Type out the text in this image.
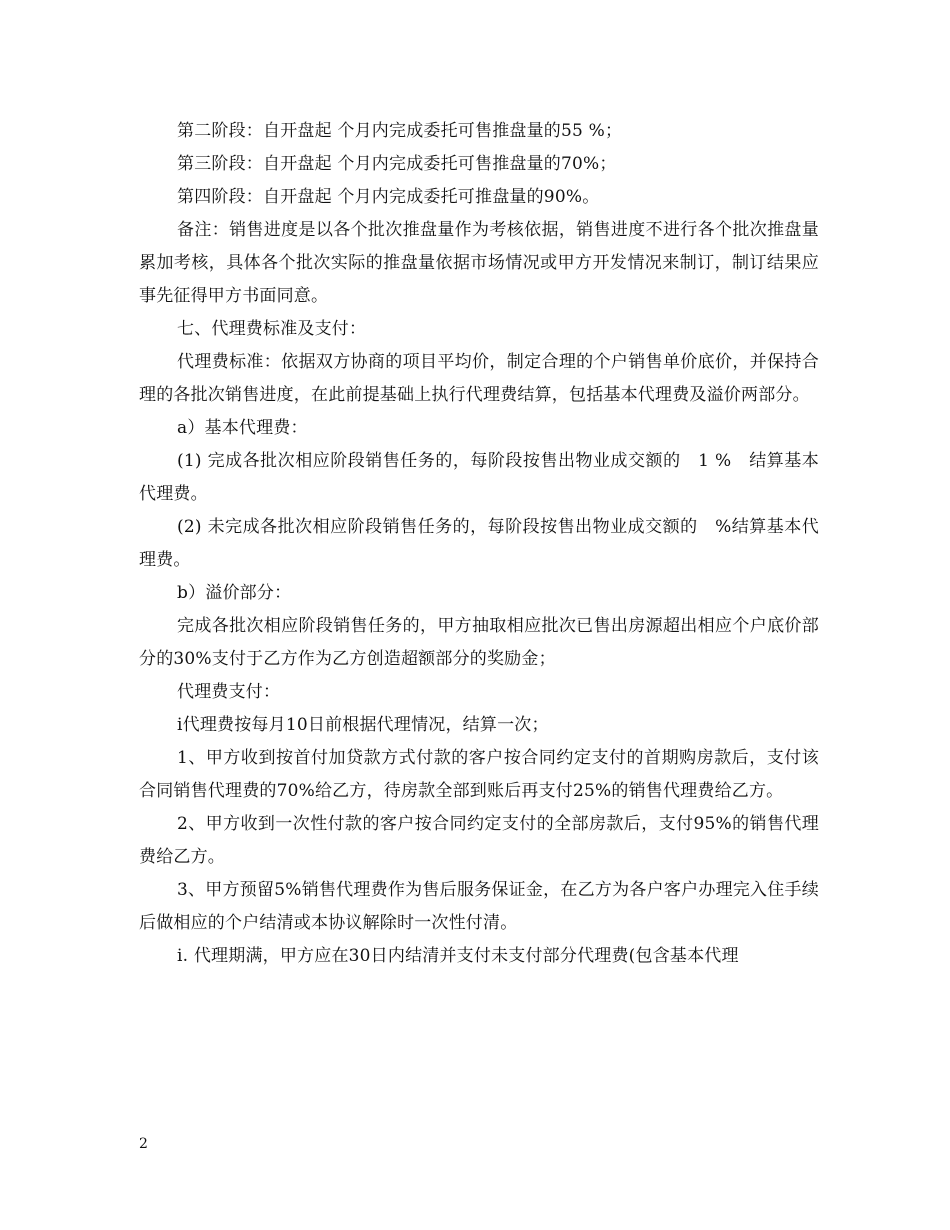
第二阶段：自开盘起 个月内完成委托可售推盘量的55 %；

第三阶段：自开盘起 个月内完成委托可售推盘量的70%；

第四阶段：自开盘起 个月内完成委托可推盘量的90%。

备注：销售进度是以各个批次推盘量作为考核依据，销售进度不进行各个批次推盘量累加考核，具体各个批次实际的推盘量依据市场情况或甲方开发情况来制订，制订结果应事先征得甲方书面同意。

七、代理费标准及支付：

代理费标准：依据双方协商的项目平均价，制定合理的个户销售单价底价，并保持合理的各批次销售进度，在此前提基础上执行代理费结算，包括基本代理费及溢价两部分。

a）基本代理费：

(1) 完成各批次相应阶段销售任务的，每阶段按售出物业成交额的　1 %　结算基本代理费。

(2) 未完成各批次相应阶段销售任务的，每阶段按售出物业成交额的　%结算基本代理费。

b）溢价部分：

完成各批次相应阶段销售任务的，甲方抽取相应批次已售出房源超出相应个户底价部分的30%支付于乙方作为乙方创造超额部分的奖励金；

代理费支付：

i代理费按每月10日前根据代理情况，结算一次；

1、甲方收到按首付加贷款方式付款的客户按合同约定支付的首期购房款后，支付该合同销售代理费的70%给乙方，待房款全部到账后再支付25%的销售代理费给乙方。

2、甲方收到一次性付款的客户按合同约定支付的全部房款后，支付95%的销售代理费给乙方。

3、甲方预留5%销售代理费作为售后服务保证金，在乙方为各户客户办理完入住手续后做相应的个户结清或本协议解除时一次性付清。

i. 代理期满，甲方应在30日内结清并支付未支付部分代理费(包含基本代理

2
